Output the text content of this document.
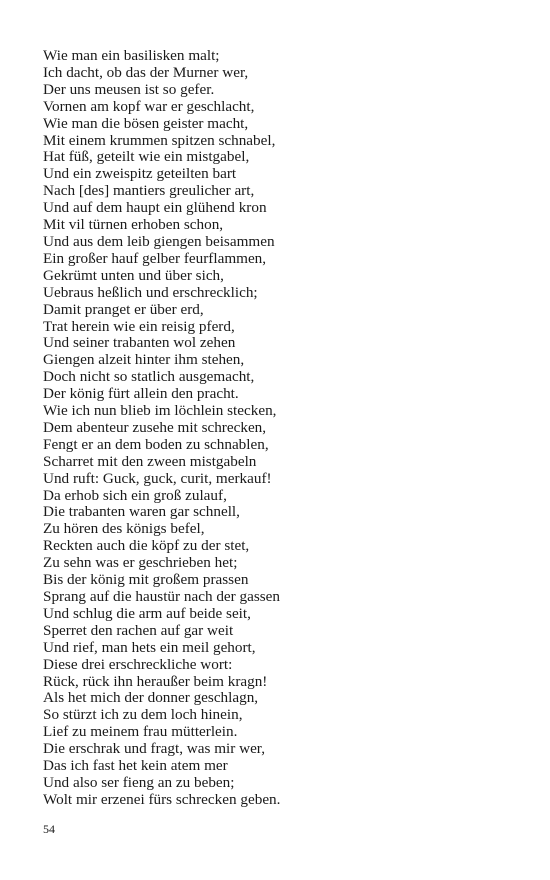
Wie man ein basilisken malt;
Ich dacht, ob das der Murner wer,
Der uns meusen ist so gefer.
Vornen am kopf war er geschlacht,
Wie man die bösen geister macht,
Mit einem krummen spitzen schnabel,
Hat füß, geteilt wie ein mistgabel,
Und ein zweispitz geteilten bart
Nach [des] mantiers greulicher art,
Und auf dem haupt ein glühend kron
Mit vil türnen erhoben schon,
Und aus dem leib giengen beisammen
Ein großer hauf gelber feurflammen,
Gekrümt unten und über sich,
Uebraus heßlich und erschrecklich;
Damit pranget er über erd,
Trat herein wie ein reisig pferd,
Und seiner trabanten wol zehen
Giengen alzeit hinter ihm stehen,
Doch nicht so statlich ausgemacht,
Der könig fürt allein den pracht.
Wie ich nun blieb im löchlein stecken,
Dem abenteur zusehe mit schrecken,
Fengt er an dem boden zu schnablen,
Scharret mit den zween mistgabeln
Und ruft: Guck, guck, curit, merkauf!
Da erhob sich ein groß zulauf,
Die trabanten waren gar schnell,
Zu hören des königs befel,
Reckten auch die köpf zu der stet,
Zu sehn was er geschrieben het;
Bis der könig mit großem prassen
Sprang auf die haustür nach der gassen
Und schlug die arm auf beide seit,
Sperret den rachen auf gar weit
Und rief, man hets ein meil gehort,
Diese drei erschreckliche wort:
Rück, rück ihn heraußer beim kragn!
Als het mich der donner geschlagn,
So stürzt ich zu dem loch hinein,
Lief zu meinem frau mütterlein.
Die erschrak und fragt, was mir wer,
Das ich fast het kein atem mer
Und also ser fieng an zu beben;
Wolt mir erzenei fürs schrecken geben.
54
